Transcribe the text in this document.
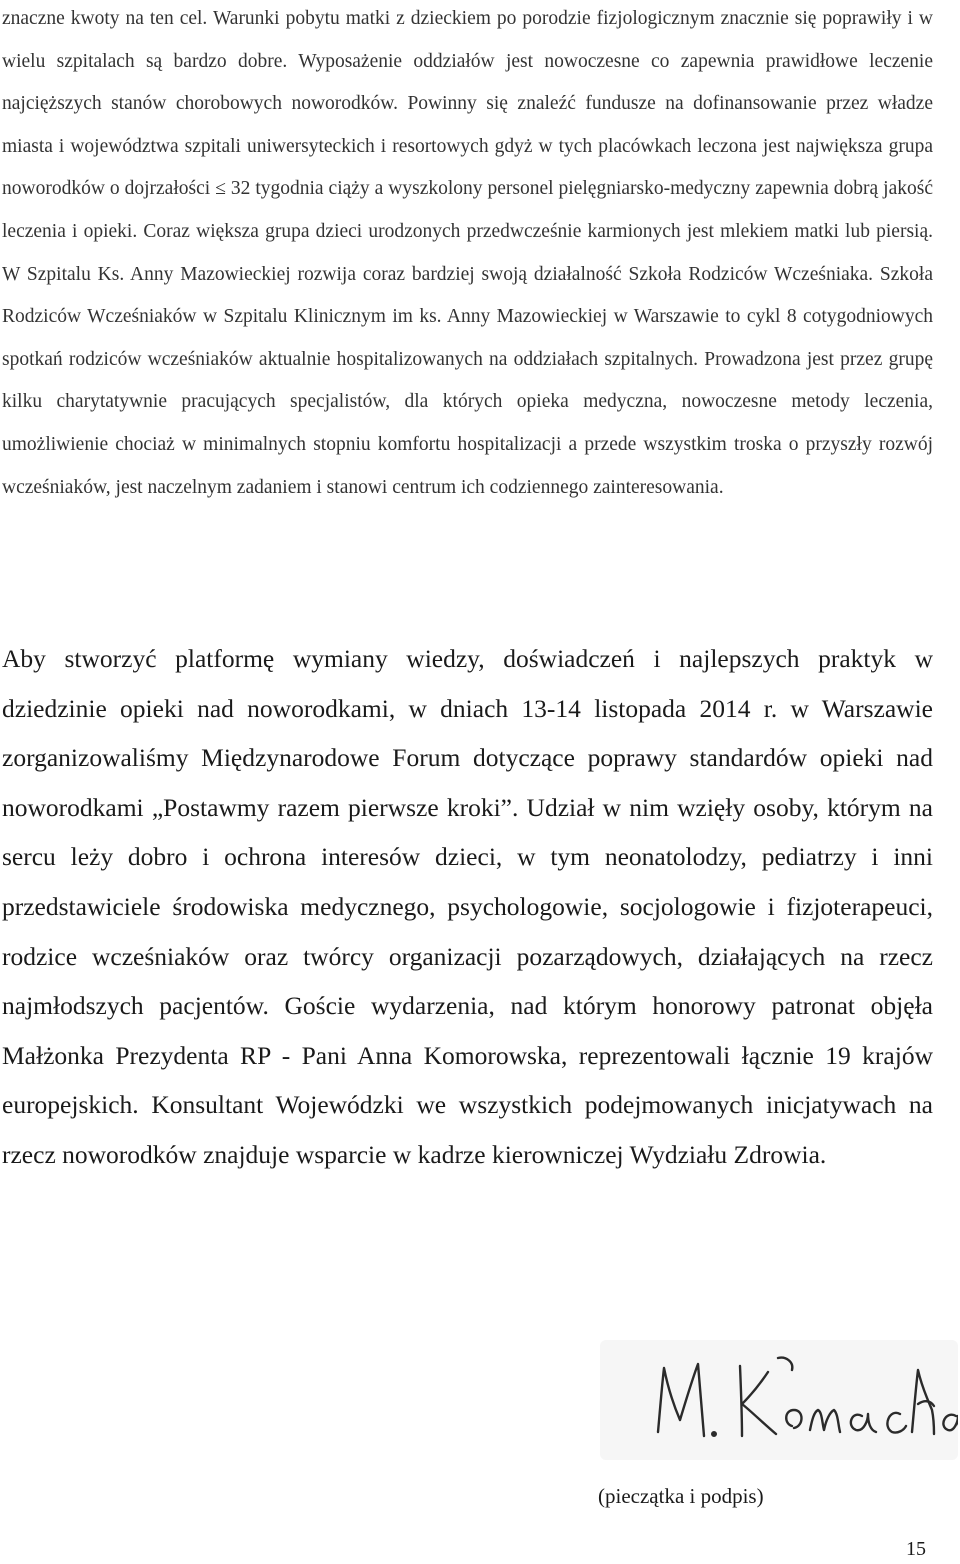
znaczne kwoty na ten cel. Warunki pobytu matki z dzieckiem po porodzie fizjologicznym znacznie się poprawiły i w wielu szpitalach są bardzo dobre. Wyposażenie oddziałów jest nowoczesne co zapewnia prawidłowe leczenie najcięższych stanów chorobowych noworodków. Powinny się znaleźć fundusze na dofinansowanie przez władze miasta i województwa szpitali uniwersyteckich i resortowych gdyż w tych placówkach leczona jest największa grupa noworodków o dojrzałości ≤ 32 tygodnia ciąży a wyszkolony personel pielęgniarsko-medyczny zapewnia dobrą jakość leczenia i opieki. Coraz większa grupa dzieci urodzonych przedwcześnie karmionych jest mlekiem matki lub piersią. W Szpitalu Ks. Anny Mazowieckiej rozwija coraz bardziej swoją działalność Szkoła Rodziców Wcześniaka. Szkoła Rodziców Wcześniaków w Szpitalu Klinicznym im ks. Anny Mazowieckiej w Warszawie to cykl 8 cotygodniowych spotkań rodziców wcześniaków aktualnie hospitalizowanych na oddziałach szpitalnych. Prowadzona jest przez grupę kilku charytatywnie pracujących specjalistów, dla których opieka medyczna, nowoczesne metody leczenia, umożliwienie chociaż w minimalnych stopniu komfortu hospitalizacji a przede wszystkim troska o przyszły rozwój wcześniaków, jest naczelnym zadaniem i stanowi centrum ich codziennego zainteresowania.

Aby stworzyć platformę wymiany wiedzy, doświadczeń i najlepszych praktyk w dziedzinie opieki nad noworodkami, w dniach 13-14 listopada 2014 r. w Warszawie zorganizowaliśmy Międzynarodowe Forum dotyczące poprawy standardów opieki nad noworodkami „Postawmy razem pierwsze kroki”. Udział w nim wzięły osoby, którym na sercu leży dobro i ochrona interesów dzieci, w tym neonatolodzy, pediatrzy i inni przedstawiciele środowiska medycznego, psychologowie, socjologowie i fizjoterapeuci, rodzice wcześniaków oraz twórcy organizacji pozarządowych, działających na rzecz najmłodszych pacjentów. Goście wydarzenia, nad którym honorowy patronat objęła Małżonka Prezydenta RP - Pani Anna Komorowska, reprezentowali łącznie 19 krajów europejskich. Konsultant Wojewódzki we wszystkich podejmowanych inicjatywach na rzecz noworodków znajduje wsparcie w kadrze kierowniczej Wydziału Zdrowia.

(pieczątka i podpis)
15
